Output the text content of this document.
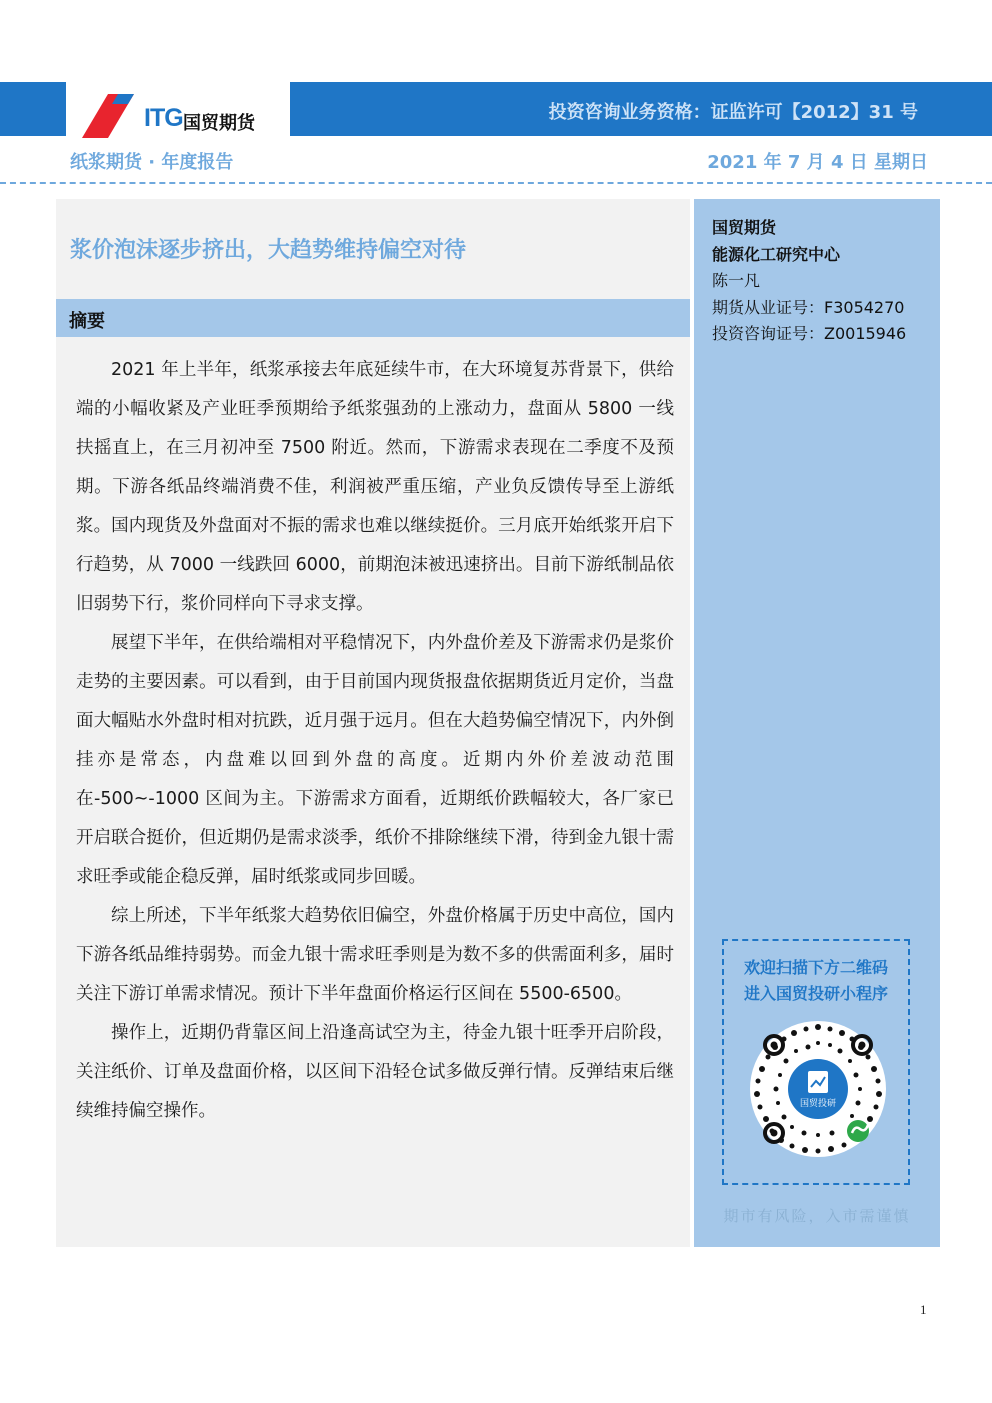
ITG 国贸期货
投资咨询业务资格：证监许可【2012】31 号
纸浆期货 · 年度报告	2021 年 7 月 4 日 星期日
浆价泡沫逐步挤出，大趋势维持偏空对待
摘要

2021 年上半年，纸浆承接去年底延续牛市，在大环境复苏背景下，供给端的小幅收紧及产业旺季预期给予纸浆强劲的上涨动力，盘面从 5800 一线扶摇直上，在三月初冲至 7500 附近。然而，下游需求表现在二季度不及预期。下游各纸品终端消费不佳，利润被严重压缩，产业负反馈传导至上游纸浆。国内现货及外盘面对不振的需求也难以继续挺价。三月底开始纸浆开启下行趋势，从 7000 一线跌回 6000，前期泡沫被迅速挤出。目前下游纸制品依旧弱势下行，浆价同样向下寻求支撑。

展望下半年，在供给端相对平稳情况下，内外盘价差及下游需求仍是浆价走势的主要因素。可以看到，由于目前国内现货报盘依据期货近月定价，当盘面大幅贴水外盘时相对抗跌，近月强于远月。但在大趋势偏空情况下，内外倒挂亦是常态，内盘难以回到外盘的高度。近期内外价差波动范围在-500~-1000 区间为主。下游需求方面看，近期纸价跌幅较大，各厂家已开启联合挺价，但近期仍是需求淡季，纸价不排除继续下滑，待到金九银十需求旺季或能企稳反弹，届时纸浆或同步回暖。

综上所述，下半年纸浆大趋势依旧偏空，外盘价格属于历史中高位，国内下游各纸品维持弱势。而金九银十需求旺季则是为数不多的供需面利多，届时关注下游订单需求情况。预计下半年盘面价格运行区间在 5500-6500。

操作上，近期仍背靠区间上沿逢高试空为主，待金九银十旺季开启阶段，关注纸价、订单及盘面价格，以区间下沿轻仓试多做反弹行情。反弹结束后继续维持偏空操作。

国贸期货
能源化工研究中心
陈一凡
期货从业证号：F3054270
投资咨询证号：Z0015946
欢迎扫描下方二维码
进入国贸投研小程序
国贸投研
期市有风险，入市需谨慎
1
